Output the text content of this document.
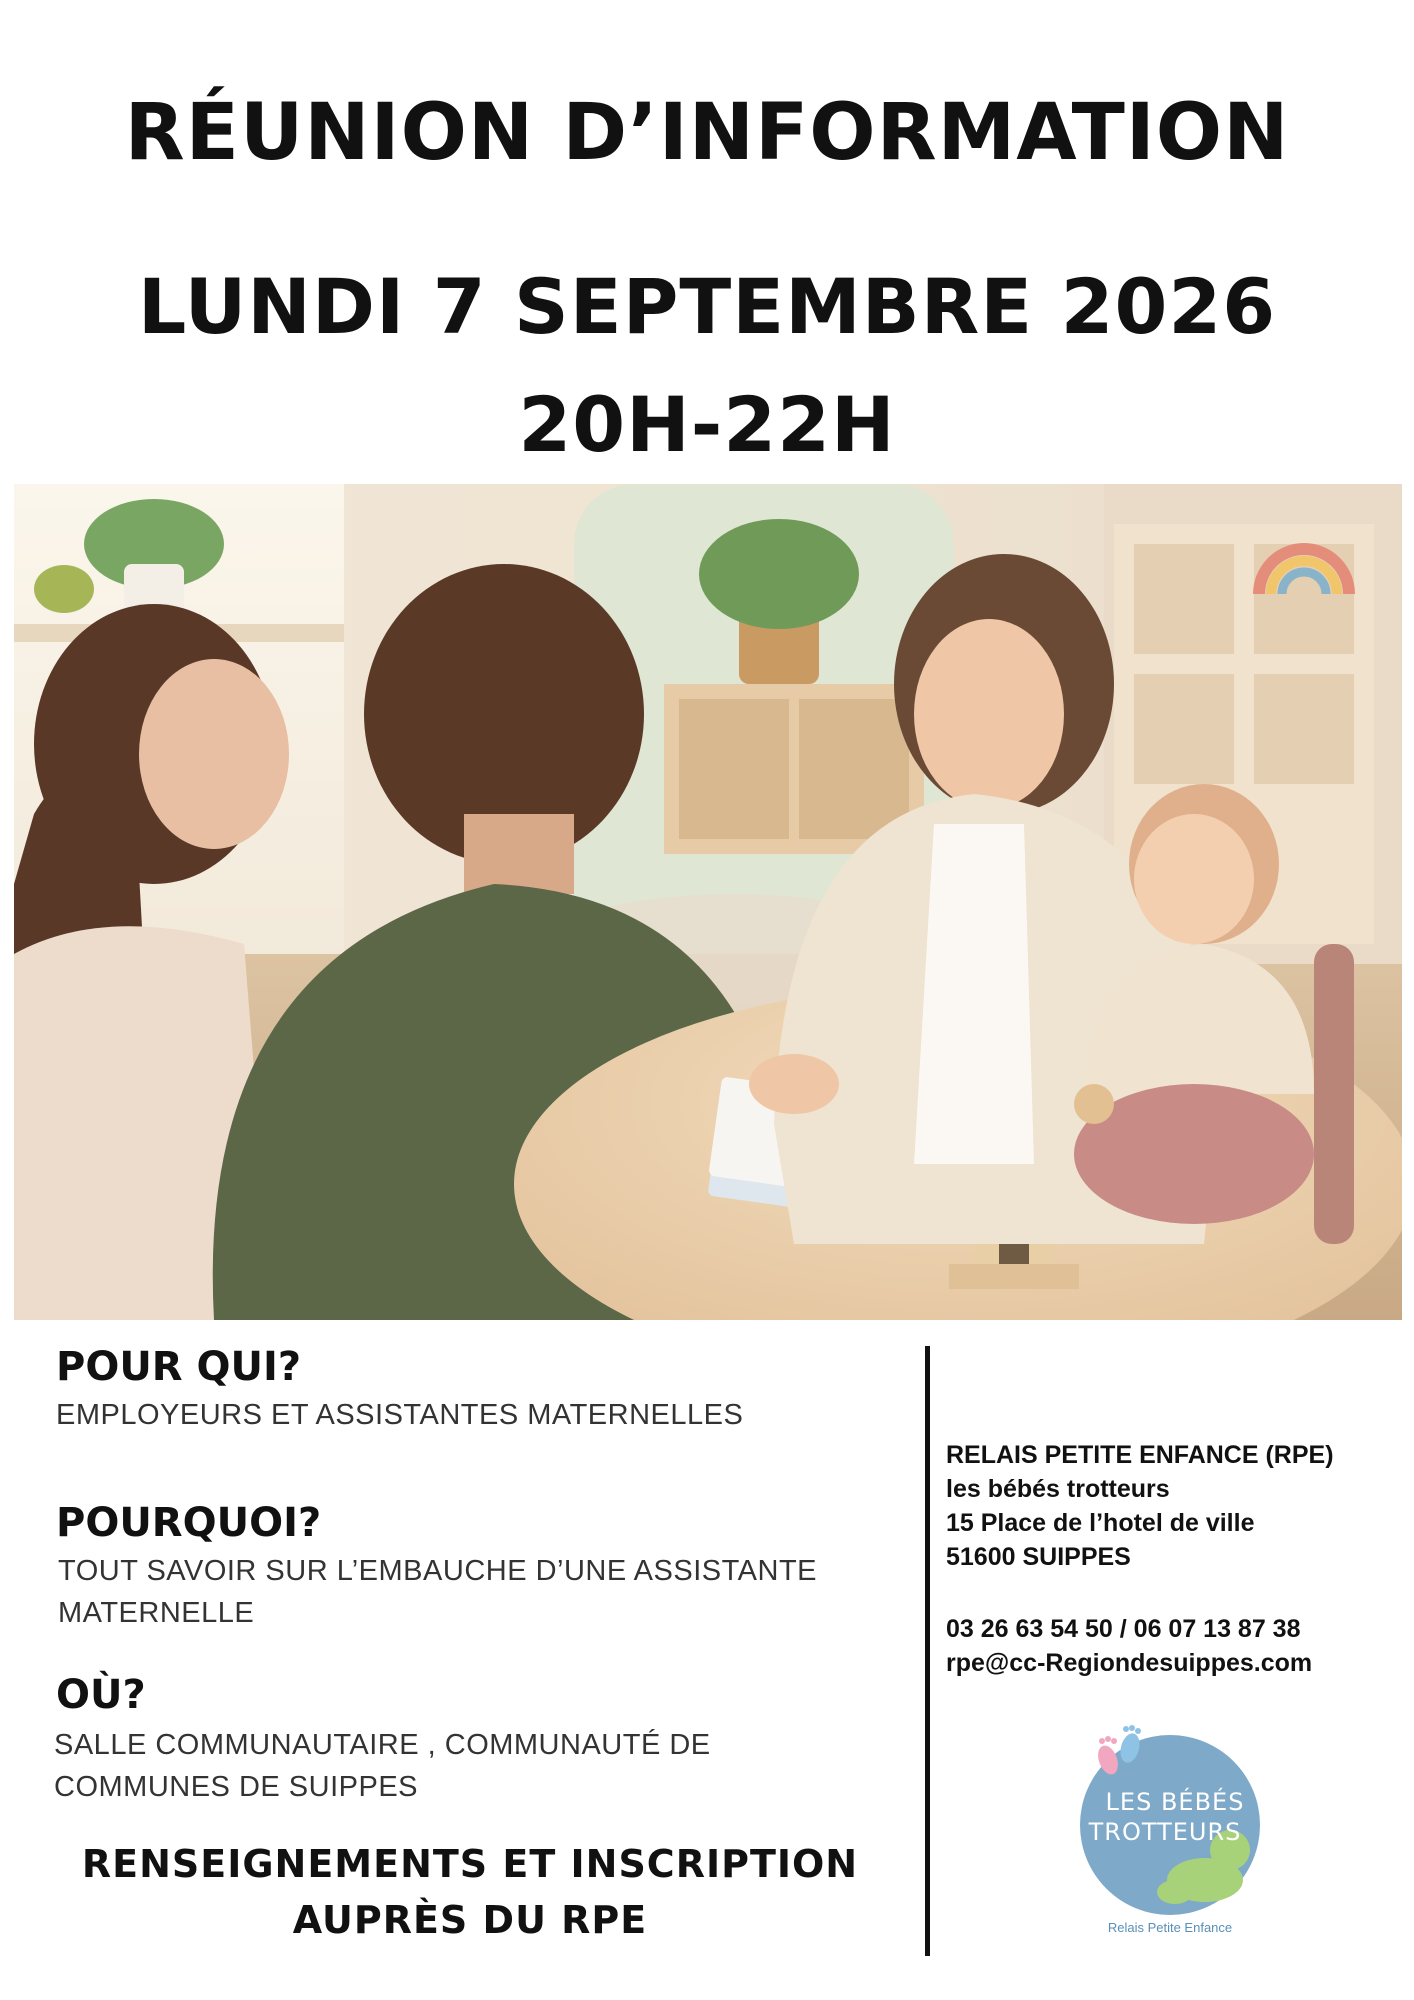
RÉUNION D’INFORMATION
LUNDI 7 SEPTEMBRE 2026
20H-22H
POUR QUI?
EMPLOYEURS ET ASSISTANTES MATERNELLES
POURQUOI?
TOUT SAVOIR SUR L’EMBAUCHE D’UNE ASSISTANTE
MATERNELLE
OÙ?
SALLE COMMUNAUTAIRE , COMMUNAUTÉ DE
COMMUNES DE SUIPPES
RENSEIGNEMENTS ET INSCRIPTION
AUPRÈS DU RPE
RELAIS PETITE ENFANCE (RPE)
les bébés trotteurs
15 Place de l’hotel de ville
51600 SUIPPES
03 26 63 54 50 / 06 07 13 87 38
rpe@cc-Regiondesuippes.com
LES BÉBÉS
TROTTEURS
Relais Petite Enfance
